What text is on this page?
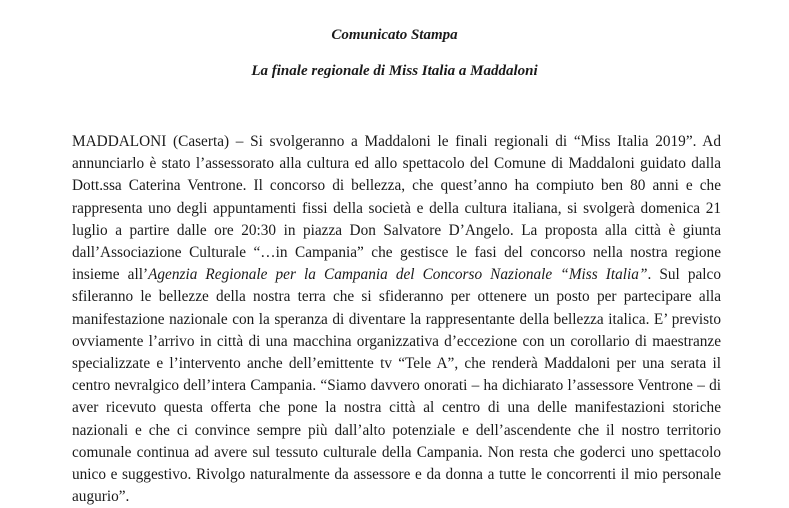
Comunicato Stampa
La finale regionale di Miss Italia a Maddaloni

MADDALONI (Caserta) – Si svolgeranno a Maddaloni le finali regionali di “Miss Italia 2019”. Ad annunciarlo è stato l’assessorato alla cultura ed allo spettacolo del Comune di Maddaloni guidato dalla Dott.ssa Caterina Ventrone. Il concorso di bellezza, che quest’anno ha compiuto ben 80 anni e che rappresenta uno degli appuntamenti fissi della società e della cultura italiana, si svolgerà domenica 21 luglio a partire dalle ore 20:30 in piazza Don Salvatore D’Angelo. La proposta alla città è giunta dall’Associazione Culturale “…in Campania” che gestisce le fasi del concorso nella nostra regione insieme all’Agenzia Regionale per la Campania del Concorso Nazionale “Miss Italia”. Sul palco sfileranno le bellezze della nostra terra che si sfideranno per ottenere un posto per partecipare alla manifestazione nazionale con la speranza di diventare la rappresentante della bellezza italica. E’ previsto ovviamente l’arrivo in città di una macchina organizzativa d’eccezione con un corollario di maestranze specializzate e l’intervento anche dell’emittente tv “Tele A”, che renderà Maddaloni per una serata il centro nevralgico dell’intera Campania. “Siamo davvero onorati – ha dichiarato l’assessore Ventrone – di aver ricevuto questa offerta che pone la nostra città al centro di una delle manifestazioni storiche nazionali e che ci convince sempre più dall’alto potenziale e dell’ascendente che il nostro territorio comunale continua ad avere sul tessuto culturale della Campania. Non resta che goderci uno spettacolo unico e suggestivo. Rivolgo naturalmente da assessore e da donna a tutte le concorrenti il mio personale augurio”.
